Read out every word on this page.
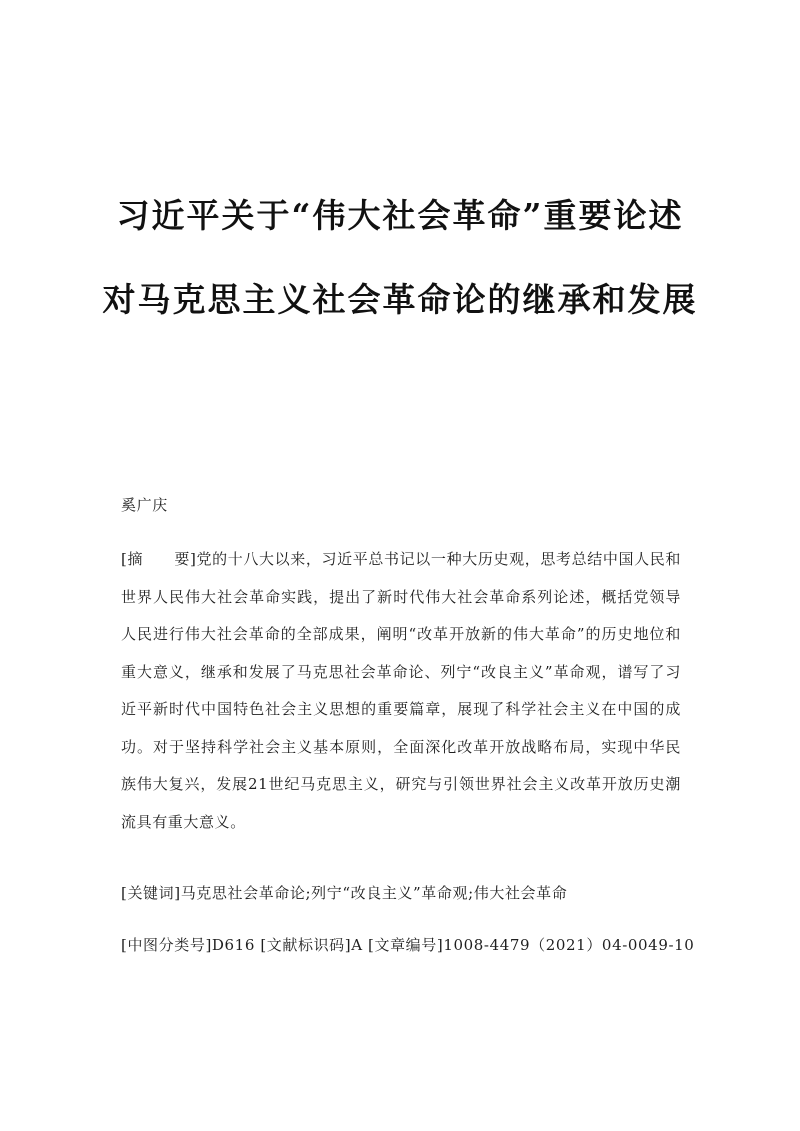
习近平关于“伟大社会革命”重要论述
对马克思主义社会革命论的继承和发展
奚广庆
[摘　　要]党的十八大以来，习近平总书记以一种大历史观，思考总结中国人民和世界人民伟大社会革命实践，提出了新时代伟大社会革命系列论述，概括党领导人民进行伟大社会革命的全部成果，阐明“改革开放新的伟大革命”的历史地位和重大意义，继承和发展了马克思社会革命论、列宁“改良主义”革命观，谱写了习近平新时代中国特色社会主义思想的重要篇章，展现了科学社会主义在中国的成功。对于坚持科学社会主义基本原则，全面深化改革开放战略布局，实现中华民族伟大复兴，发展21世纪马克思主义，研究与引领世界社会主义改革开放历史潮流具有重大意义。
[关键词]马克思社会革命论;列宁“改良主义”革命观;伟大社会革命
[中图分类号]D616 [文献标识码]A [文章编号]1008-4479（2021）04-0049-10
